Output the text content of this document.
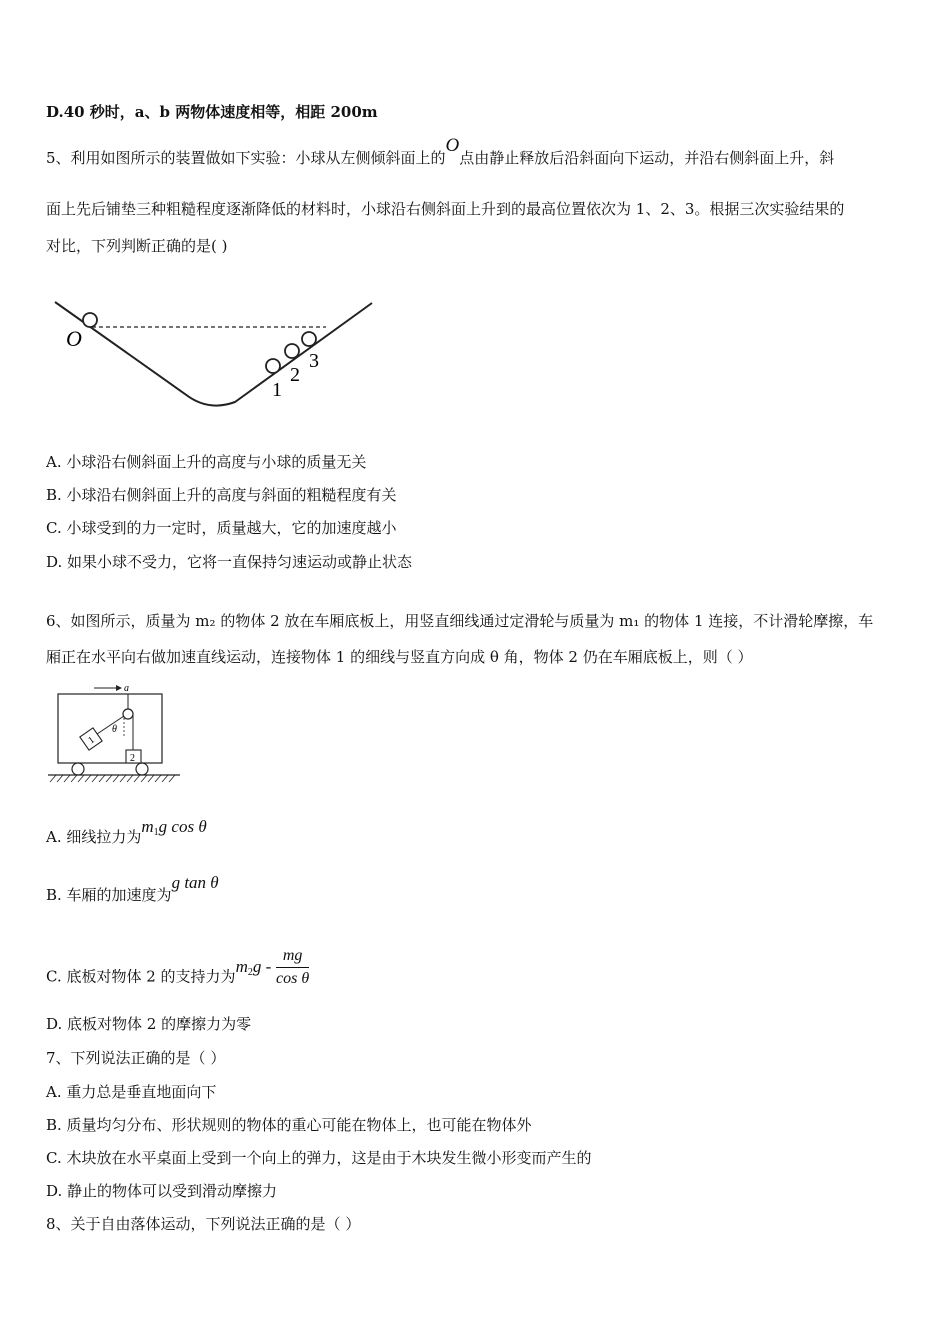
D.40 秒时，a、b 两物体速度相等，相距 200m
5、利用如图所示的装置做如下实验：小球从左侧倾斜面上的O点由静止释放后沿斜面向下运动，并沿右侧斜面上升，斜
面上先后铺垫三种粗糙程度逐渐降低的材料时，小球沿右侧斜面上升到的最高位置依次为 1、2、3。根据三次实验结果的
对比，下列判断正确的是( )
O
1
2
3
A. 小球沿右侧斜面上升的高度与小球的质量无关
B. 小球沿右侧斜面上升的高度与斜面的粗糙程度有关
C. 小球受到的力一定时，质量越大，它的加速度越小
D. 如果小球不受力，它将一直保持匀速运动或静止状态
6、如图所示，质量为 m₂ 的物体 2 放在车厢底板上，用竖直细线通过定滑轮与质量为 m₁ 的物体 1 连接，不计滑轮摩擦，车
厢正在水平向右做加速直线运动，连接物体 1 的细线与竖直方向成 θ 角，物体 2 仍在车厢底板上，则（ ）
a
θ
1
2
A. 细线拉力为$m_1g$ cos θ
B. 车厢的加速度为g tan θ
C. 底板对物体 2 的支持力为$m_2g - \frac{mg}{\text{cos θ}}$
D. 底板对物体 2 的摩擦力为零
7、下列说法正确的是（ ）
A. 重力总是垂直地面向下
B. 质量均匀分布、形状规则的物体的重心可能在物体上，也可能在物体外
C. 木块放在水平桌面上受到一个向上的弹力，这是由于木块发生微小形变而产生的
D. 静止的物体可以受到滑动摩擦力
8、关于自由落体运动，下列说法正确的是（ ）
